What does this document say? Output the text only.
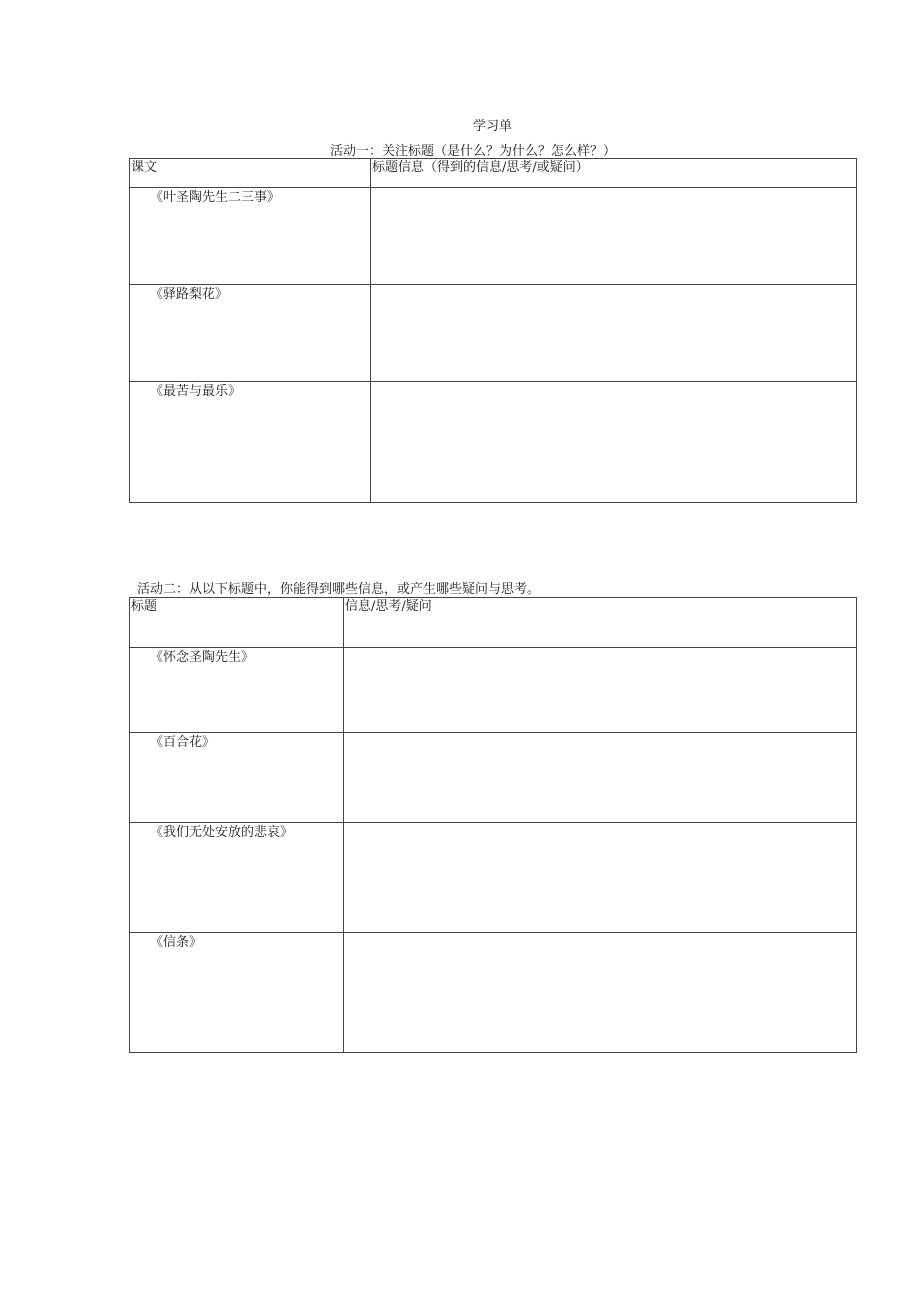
学习单
活动一：关注标题（是什么？为什么？怎么样？）
课文	标题信息（得到的信息/思考/或疑问）
《叶圣陶先生二三事》	
《驿路梨花》	
《最苦与最乐》	
活动二：从以下标题中，你能得到哪些信息，或产生哪些疑问与思考。
标题	信息/思考/疑问
《怀念圣陶先生》	
《百合花》	
《我们无处安放的悲哀》	
《信条》	
